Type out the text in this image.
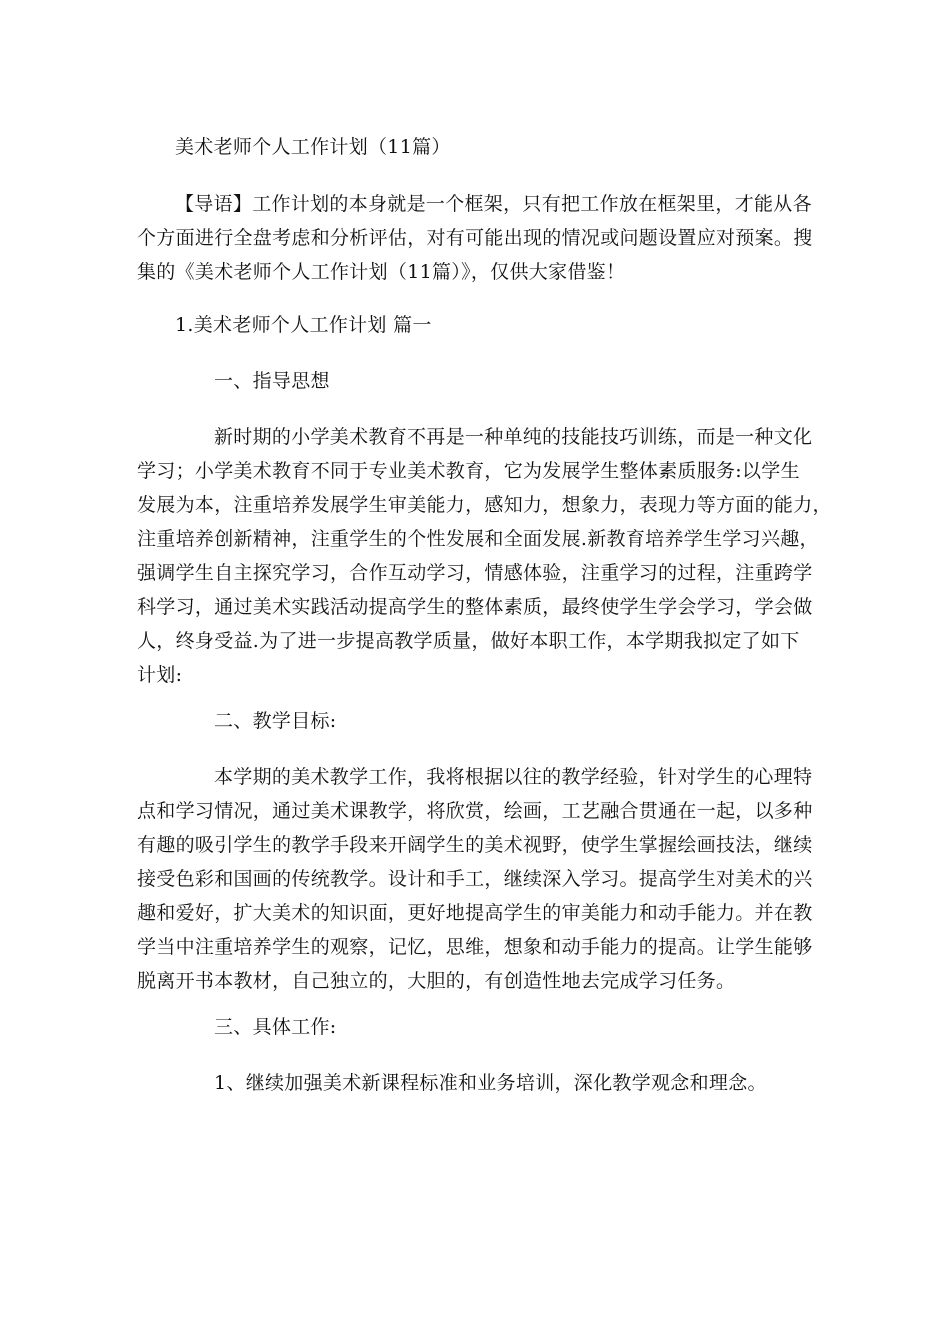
美术老师个人工作计划（11篇）
【导语】工作计划的本身就是一个框架，只有把工作放在框架里，才能从各
个方面进行全盘考虑和分析评估，对有可能出现的情况或问题设置应对预案。搜
集的《美术老师个人工作计划（11篇）》，仅供大家借鉴！
1.美术老师个人工作计划 篇一
一、指导思想
新时期的小学美术教育不再是一种单纯的技能技巧训练，而是一种文化
学习；小学美术教育不同于专业美术教育，它为发展学生整体素质服务:以学生
发展为本，注重培养发展学生审美能力，感知力，想象力，表现力等方面的能力，
注重培养创新精神，注重学生的个性发展和全面发展.新教育培养学生学习兴趣，
强调学生自主探究学习，合作互动学习，情感体验，注重学习的过程，注重跨学
科学习，通过美术实践活动提高学生的整体素质，最终使学生学会学习，学会做
人，终身受益.为了进一步提高教学质量，做好本职工作，本学期我拟定了如下
计划:
二、教学目标:
本学期的美术教学工作，我将根据以往的教学经验，针对学生的心理特
点和学习情况，通过美术课教学，将欣赏，绘画，工艺融合贯通在一起，以多种
有趣的吸引学生的教学手段来开阔学生的美术视野，使学生掌握绘画技法，继续
接受色彩和国画的传统教学。设计和手工，继续深入学习。提高学生对美术的兴
趣和爱好，扩大美术的知识面，更好地提高学生的审美能力和动手能力。并在教
学当中注重培养学生的观察，记忆，思维，想象和动手能力的提高。让学生能够
脱离开书本教材，自己独立的，大胆的，有创造性地去完成学习任务。
三、具体工作:
1、继续加强美术新课程标准和业务培训，深化教学观念和理念。
